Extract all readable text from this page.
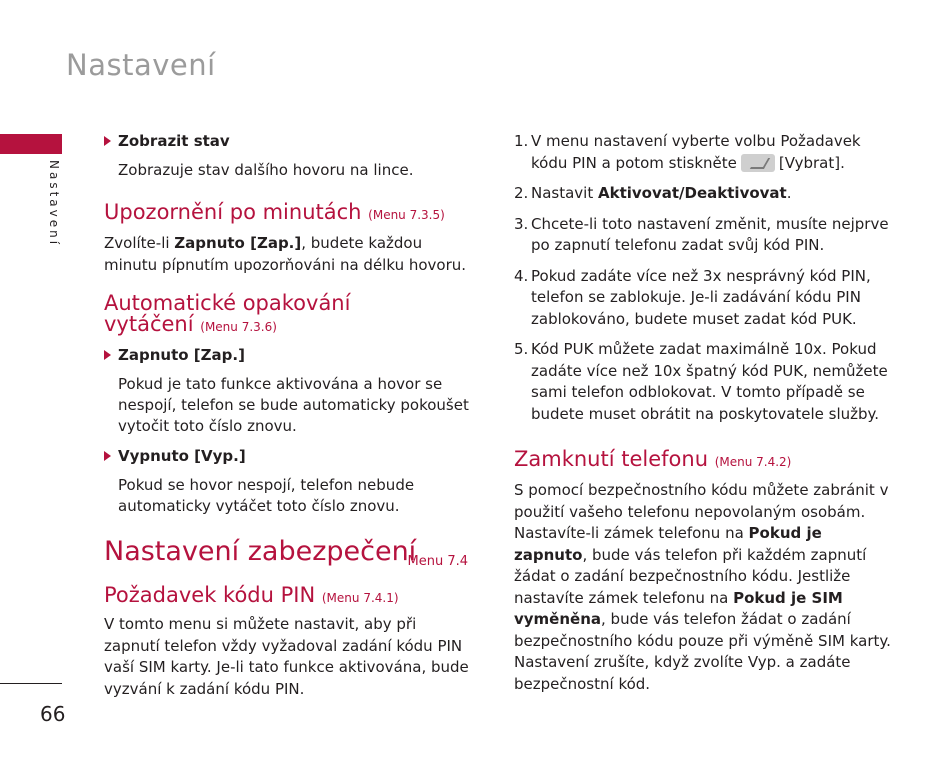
Nastavení
Nastavení
66
Zobrazit stav

Zobrazuje stav dalšího hovoru na lince.

Upozornění po minutách (Menu 7.3.5)

Zvolíte-li Zapnuto [Zap.], budete každou minutu pípnutím upozorňováni na délku hovoru.

Automatické opakování
vytáčení (Menu 7.3.6)
Zapnuto [Zap.]

Pokud je tato funkce aktivována a hovor se nespojí, telefon se bude automaticky pokoušet vytočit toto číslo znovu.

Vypnuto [Vyp.]

Pokud se hovor nespojí, telefon nebude automaticky vytáčet toto číslo znovu.

Nastavení zabezpečení
Menu 7.4
Požadavek kódu PIN (Menu 7.4.1)

V tomto menu si můžete nastavit, aby při zapnutí telefon vždy vyžadoval zadání kódu PIN vaší SIM karty. Je-li tato funkce aktivována, bude vyzvání k zadání kódu PIN.

1. V menu nastavení vyberte volbu Požadavek kódu PIN a potom stiskněte	[Vybrat].
2. Nastavit Aktivovat/Deaktivovat.
3. Chcete-li toto nastavení změnit, musíte nejprve po zapnutí telefonu zadat svůj kód PIN.
4. Pokud zadáte více než 3x nesprávný kód PIN, telefon se zablokuje. Je-li zadávání kódu PIN zablokováno, budete muset zadat kód PUK.
5. Kód PUK můžete zadat maximálně 10x. Pokud zadáte více než 10x špatný kód PUK, nemůžete sami telefon odblokovat. V tomto případě se budete muset obrátit na poskytovatele služby.
Zamknutí telefonu (Menu 7.4.2)

S pomocí bezpečnostního kódu můžete zabránit v použití vašeho telefonu nepovolaným osobám. Nastavíte-li zámek telefonu na Pokud je zapnuto, bude vás telefon při každém zapnutí žádat o zadání bezpečnostního kódu. Jestliže nastavíte zámek telefonu na Pokud je SIM vyměněna, bude vás telefon žádat o zadání bezpečnostního kódu pouze při výměně SIM karty. Nastavení zrušíte, když zvolíte Vyp. a zadáte bezpečnostní kód.
